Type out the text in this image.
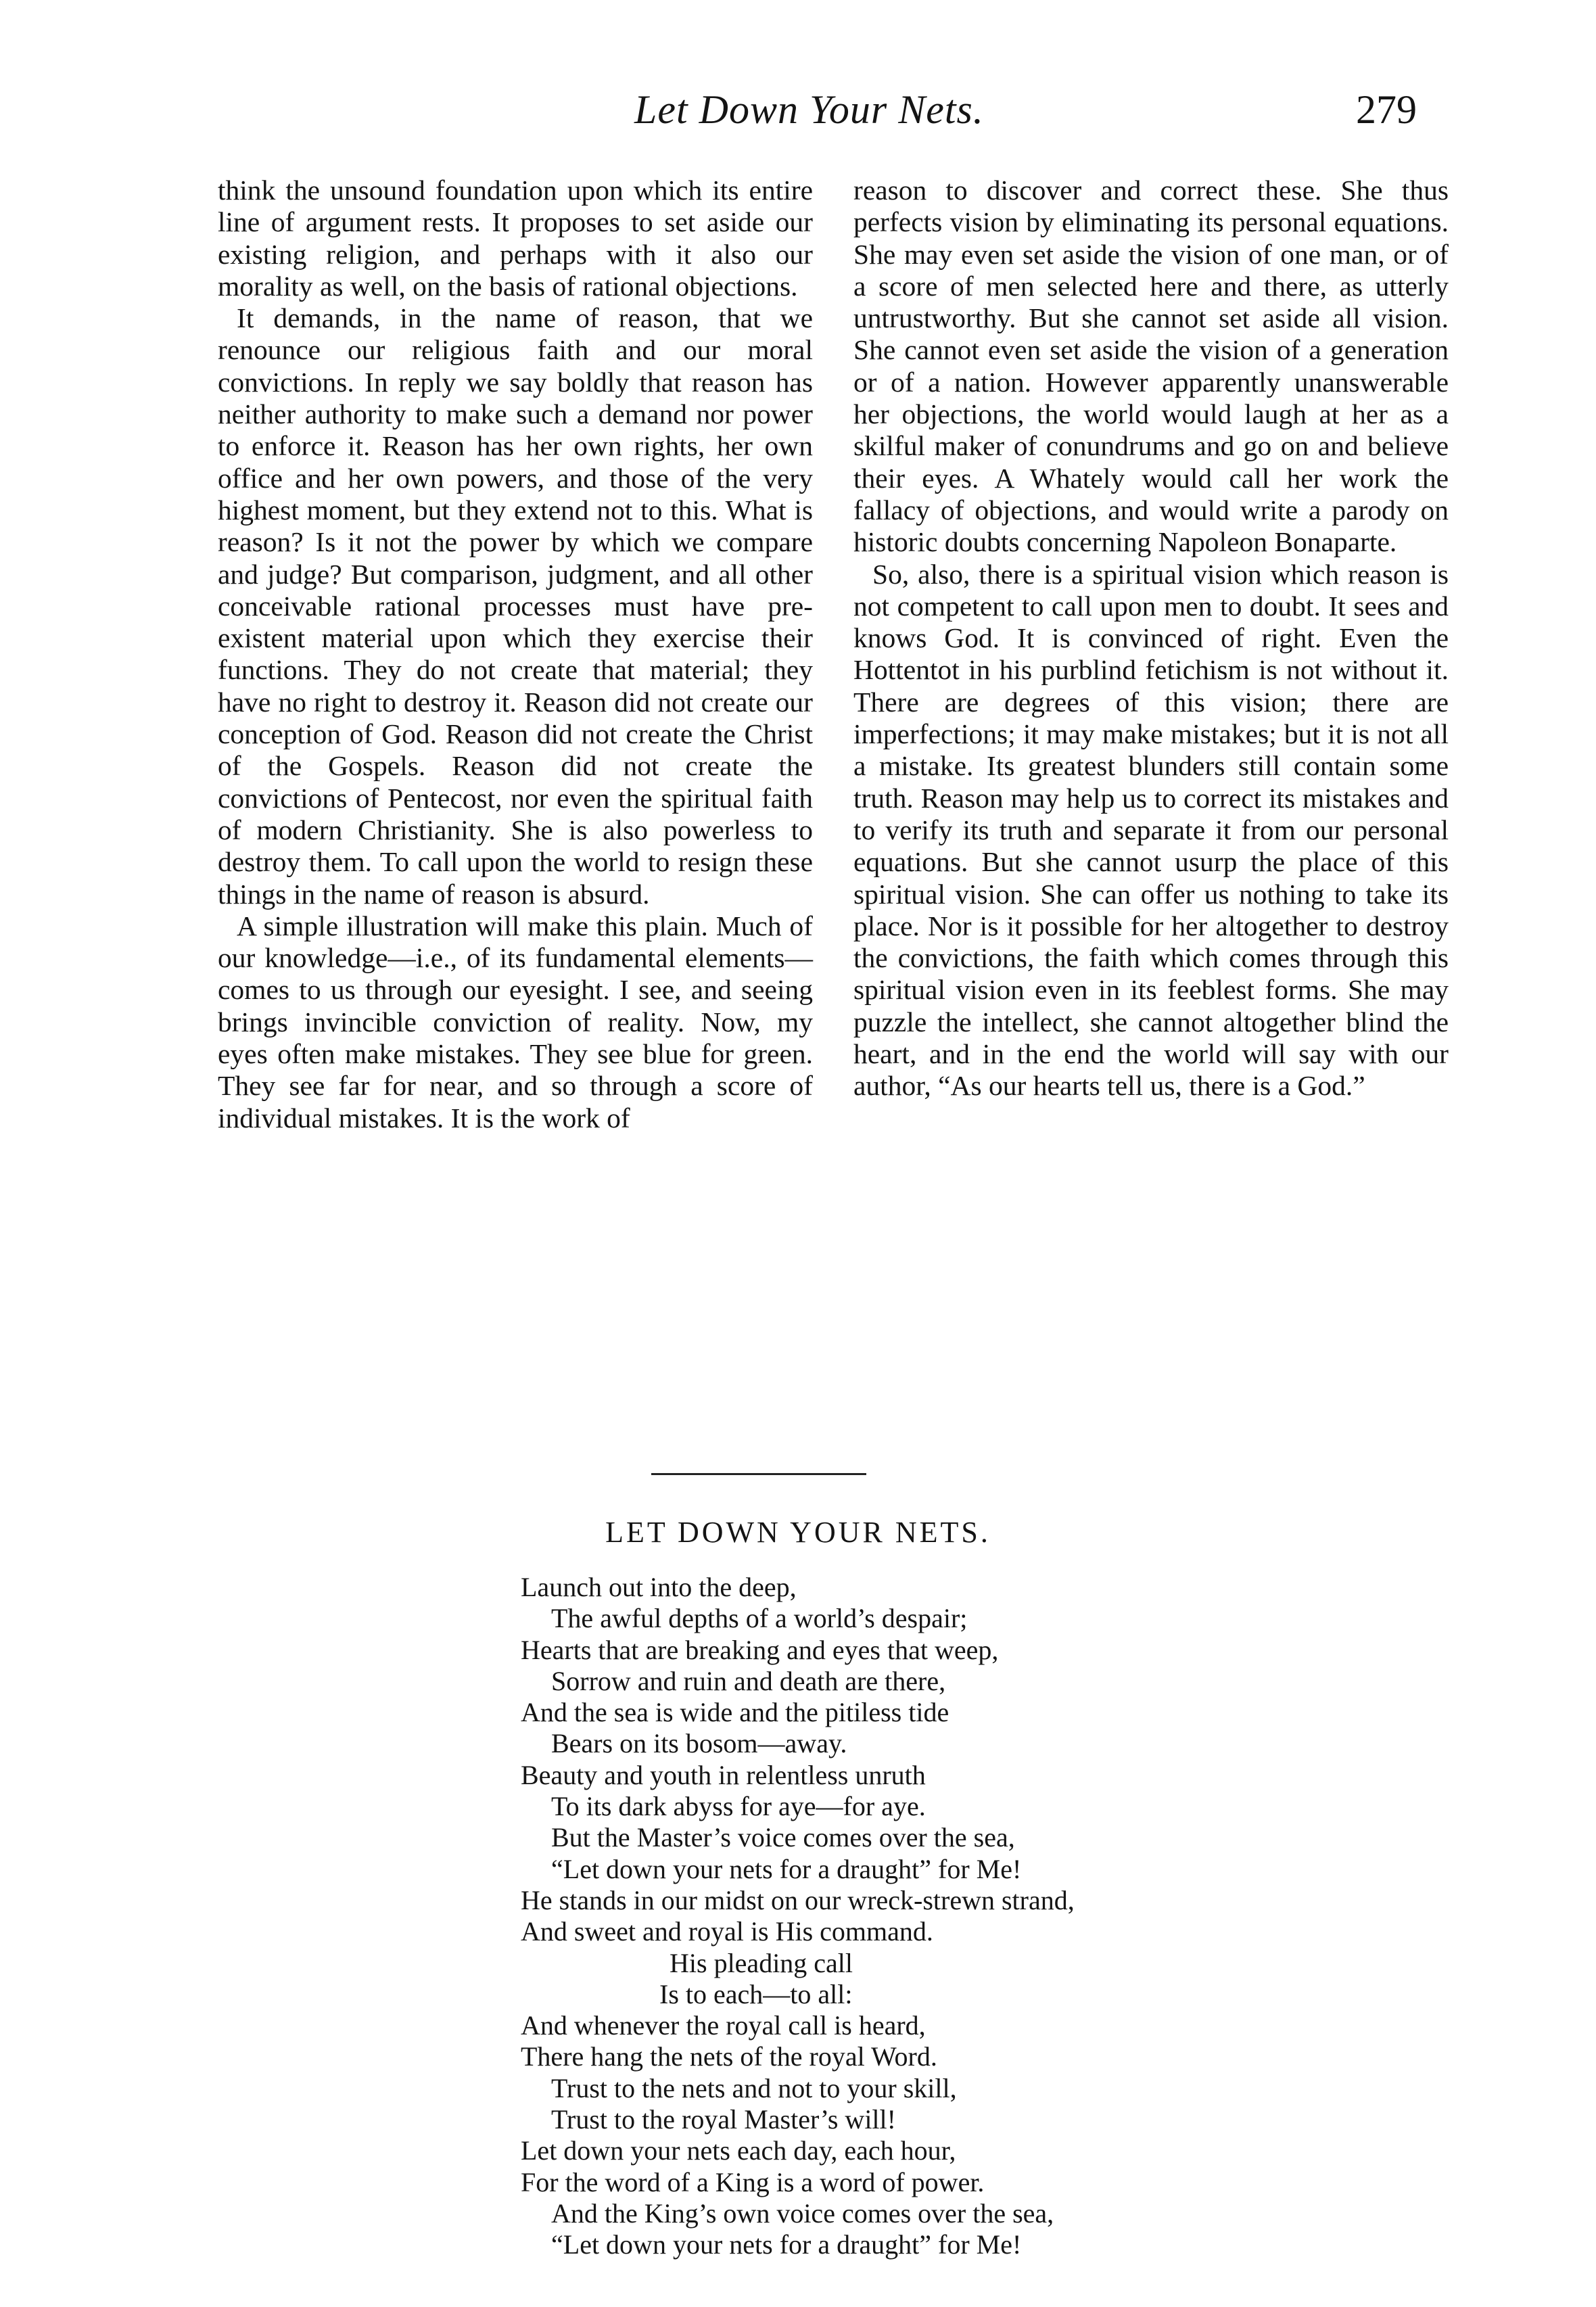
Let Down Your Nets.	279

think the unsound foundation upon which its entire line of argument rests. It proposes to set aside our existing religion, and perhaps with it also our morality as well, on the basis of rational objections.

It demands, in the name of reason, that we renounce our religious faith and our moral convictions. In reply we say boldly that reason has neither authority to make such a demand nor power to enforce it. Reason has her own rights, her own office and her own powers, and those of the very highest moment, but they extend not to this. What is reason? Is it not the power by which we compare and judge? But comparison, judgment, and all other conceivable rational processes must have pre-existent material upon which they exercise their functions. They do not create that material; they have no right to destroy it. Reason did not create our conception of God. Reason did not create the Christ of the Gospels. Reason did not create the convictions of Pentecost, nor even the spiritual faith of modern Christianity. She is also powerless to destroy them. To call upon the world to resign these things in the name of reason is absurd.

A simple illustration will make this plain. Much of our knowledge—i.e., of its fundamental elements—comes to us through our eyesight. I see, and seeing brings invincible conviction of reality. Now, my eyes often make mistakes. They see blue for green. They see far for near, and so through a score of individual mistakes. It is the work of

reason to discover and correct these. She thus perfects vision by eliminating its personal equations. She may even set aside the vision of one man, or of a score of men selected here and there, as utterly untrustworthy. But she cannot set aside all vision. She cannot even set aside the vision of a generation or of a nation. However apparently unanswerable her objections, the world would laugh at her as a skilful maker of conundrums and go on and believe their eyes. A Whately would call her work the fallacy of objections, and would write a parody on historic doubts concerning Napoleon Bonaparte.

So, also, there is a spiritual vision which reason is not competent to call upon men to doubt. It sees and knows God. It is convinced of right. Even the Hottentot in his purblind fetichism is not without it. There are degrees of this vision; there are imperfections; it may make mistakes; but it is not all a mistake. Its greatest blunders still contain some truth. Reason may help us to correct its mistakes and to verify its truth and separate it from our personal equations. But she cannot usurp the place of this spiritual vision. She can offer us nothing to take its place. Nor is it possible for her altogether to destroy the convictions, the faith which comes through this spiritual vision even in its feeblest forms. She may puzzle the intellect, she cannot altogether blind the heart, and in the end the world will say with our author, “As our hearts tell us, there is a God.”

LET DOWN YOUR NETS.
Launch out into the deep,
The awful depths of a world’s despair;
Hearts that are breaking and eyes that weep,
Sorrow and ruin and death are there,
And the sea is wide and the pitiless tide
Bears on its bosom—away.
Beauty and youth in relentless unruth
To its dark abyss for aye—for aye.
But the Master’s voice comes over the sea,
“Let down your nets for a draught” for Me!
He stands in our midst on our wreck-strewn strand,
And sweet and royal is His command.
His pleading call
Is to each—to all:
And whenever the royal call is heard,
There hang the nets of the royal Word.
Trust to the nets and not to your skill,
Trust to the royal Master’s will!
Let down your nets each day, each hour,
For the word of a King is a word of power.
And the King’s own voice comes over the sea,
“Let down your nets for a draught” for Me!
